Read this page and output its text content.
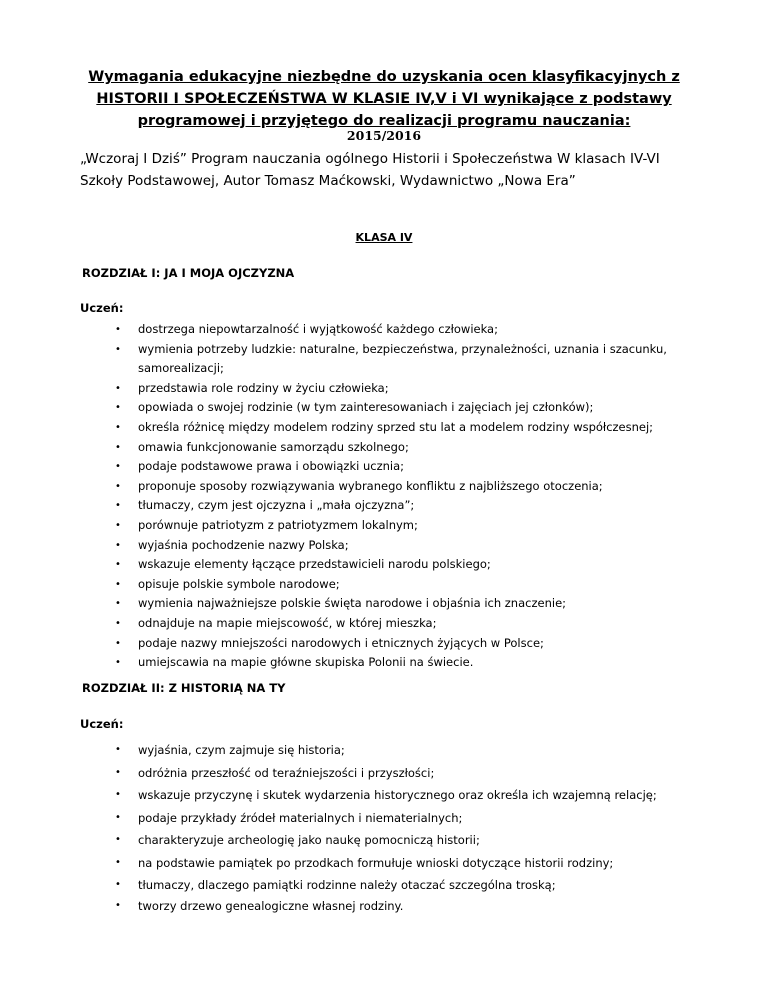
Wymagania edukacyjne niezbędne do uzyskania ocen klasyfikacyjnych z
HISTORII I SPOŁECZEŃSTWA W KLASIE IV,V i VI wynikające z podstawy
programowej i przyjętego do realizacji programu nauczania:
2015/2016
„Wczoraj I Dziś” Program nauczania ogólnego Historii i Społeczeństwa W klasach IV-VI
Szkoły Podstawowej, Autor Tomasz Maćkowski, Wydawnictwo „Nowa Era”
KLASA IV
ROZDZIAŁ I: JA I MOJA OJCZYZNA
Uczeń:
• dostrzega niepowtarzalność i wyjątkowość każdego człowieka;
• wymienia potrzeby ludzkie: naturalne, bezpieczeństwa, przynależności, uznania i szacunku, samorealizacji;
• przedstawia role rodziny w życiu człowieka;
• opowiada o swojej rodzinie (w tym zainteresowaniach i zajęciach jej członków);
• określa różnicę między modelem rodziny sprzed stu lat a modelem rodziny współczesnej;
• omawia funkcjonowanie samorządu szkolnego;
• podaje podstawowe prawa i obowiązki ucznia;
• proponuje sposoby rozwiązywania wybranego konfliktu z najbliższego otoczenia;
• tłumaczy, czym jest ojczyzna i „mała ojczyzna”;
• porównuje patriotyzm z patriotyzmem lokalnym;
• wyjaśnia pochodzenie nazwy Polska;
• wskazuje elementy łączące przedstawicieli narodu polskiego;
• opisuje polskie symbole narodowe;
• wymienia najważniejsze polskie święta narodowe i objaśnia ich znaczenie;
• odnajduje na mapie miejscowość, w której mieszka;
• podaje nazwy mniejszości narodowych i etnicznych żyjących w Polsce;
• umiejscawia na mapie główne skupiska Polonii na świecie.
ROZDZIAŁ II: Z HISTORIĄ NA TY
Uczeń:
• wyjaśnia, czym zajmuje się historia;
• odróżnia przeszłość od teraźniejszości i przyszłości;
• wskazuje przyczynę i skutek wydarzenia historycznego oraz określa ich wzajemną relację;
• podaje przykłady źródeł materialnych i niematerialnych;
• charakteryzuje archeologię jako naukę pomocniczą historii;
• na podstawie pamiątek po przodkach formułuje wnioski dotyczące historii rodziny;
• tłumaczy, dlaczego pamiątki rodzinne należy otaczać szczególna troską;
• tworzy drzewo genealogiczne własnej rodziny.
